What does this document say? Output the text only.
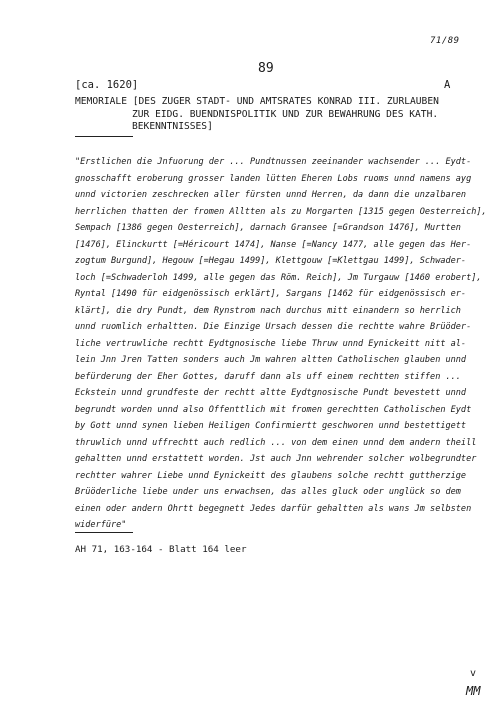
71/89
89
[ca. 1620]	A
MEMORIALE [DES ZUGER STADT- UND AMTSRATES KONRAD III. ZURLAUBEN
ZUR EIDG. BUENDNISPOLITIK UND ZUR BEWAHRUNG DES KATH.
BEKENNTNISSES]
"Erstlichen die Jnfuorung der ... Pundtnussen zeeinander wachsender ... Eydt-
gnosschafft eroberung grosser landen lütten Eheren Lobs ruoms unnd namens ayg
unnd victorien zeschrecken aller fürsten unnd Herren, da dann die unzalbaren
herrlichen thatten der fromen Alltten als zu Morgarten [1315 gegen Oesterreich],
Sempach [1386 gegen Oesterreich], darnach Gransee [=Grandson 1476], Murtten
[1476], Elinckurtt [=Héricourt 1474], Nanse [=Nancy 1477, alle gegen das Her-
zogtum Burgund], Hegouw [=Hegau 1499], Klettgouw [=Klettgau 1499], Schwader-
loch [=Schwaderloh 1499, alle gegen das Röm. Reich], Jm Turgauw [1460 erobert],
Ryntal [1490 für eidgenössisch erklärt], Sargans [1462 für eidgenössisch er-
klärt], die dry Pundt, dem Rynstrom nach durchus mitt einandern so herrlich
unnd ruomlich erhaltten. Die Einzige Ursach dessen die rechtte wahre Brüöder-
liche vertruwliche rechtt Eydtgnosische liebe Thruw unnd Eynickeitt nitt al-
lein Jnn Jren Tatten sonders auch Jm wahren altten Catholischen glauben unnd
befürderung der Eher Gottes, daruff dann als uff einem rechtten stiffen ...
Eckstein unnd grundfeste der rechtt altte Eydtgnosische Pundt bevestett unnd
begrundt worden unnd also Offenttlich mit fromen gerechtten Catholischen Eydt
by Gott unnd synen lieben Heiligen Confirmiertt geschworen unnd bestettigett
thruwlich unnd uffrechtt auch redlich ... von dem einen unnd dem andern theill
gehaltten unnd erstattett worden. Jst auch Jnn wehrender solcher wolbegrundter
rechtter wahrer Liebe unnd Eynickeitt des glaubens solche rechtt guttherzige
Brüöderliche liebe under uns erwachsen, das alles gluck oder unglück so dem
einen oder andern Ohrtt begegnett Jedes darfür gehaltten als wans Jm selbsten
widerfüre"
AH 71, 163-164 - Blatt 164 leer
v
MM
